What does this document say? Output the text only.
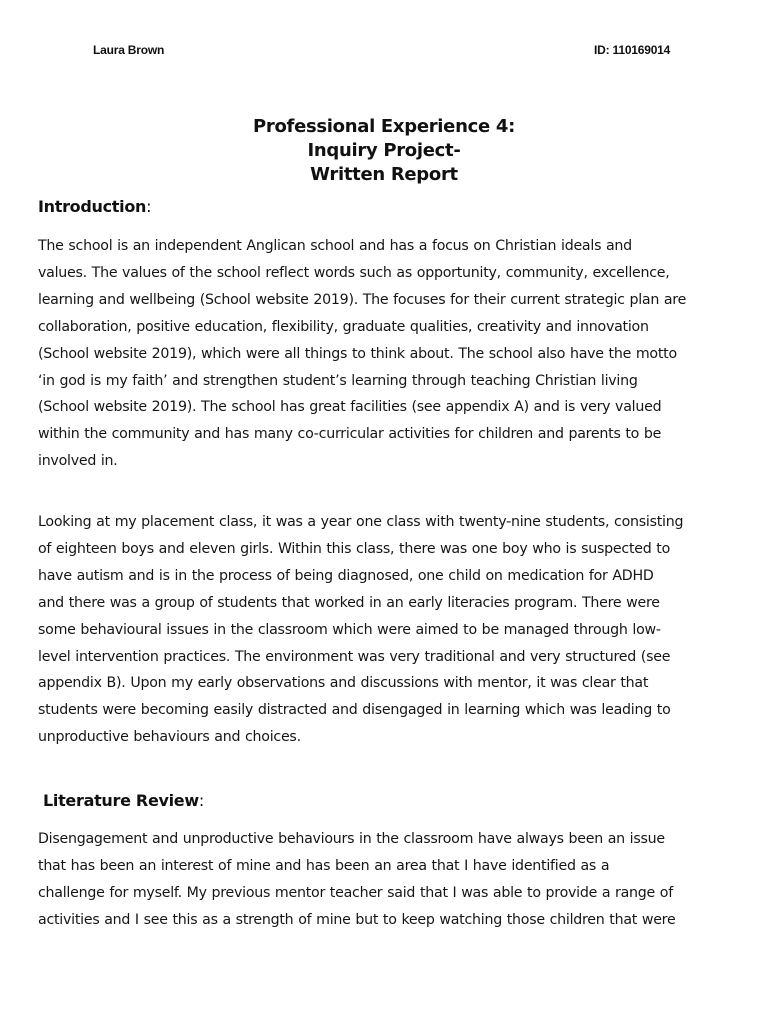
Laura Brown	ID: 110169014
Professional Experience 4:
Inquiry Project-
Written Report
Introduction:
The school is an independent Anglican school and has a focus on Christian ideals and
values. The values of the school reflect words such as opportunity, community, excellence,
learning and wellbeing (School website 2019). The focuses for their current strategic plan are
collaboration, positive education, flexibility, graduate qualities, creativity and innovation
(School website 2019), which were all things to think about. The school also have the motto
‘in god is my faith’ and strengthen student’s learning through teaching Christian living
(School website 2019). The school has great facilities (see appendix A) and is very valued
within the community and has many co-curricular activities for children and parents to be
involved in.
Looking at my placement class, it was a year one class with twenty-nine students, consisting
of eighteen boys and eleven girls. Within this class, there was one boy who is suspected to
have autism and is in the process of being diagnosed, one child on medication for ADHD
and there was a group of students that worked in an early literacies program. There were
some behavioural issues in the classroom which were aimed to be managed through low-
level intervention practices. The environment was very traditional and very structured (see
appendix B). Upon my early observations and discussions with mentor, it was clear that
students were becoming easily distracted and disengaged in learning which was leading to
unproductive behaviours and choices.
Literature Review:
Disengagement and unproductive behaviours in the classroom have always been an issue
that has been an interest of mine and has been an area that I have identified as a
challenge for myself. My previous mentor teacher said that I was able to provide a range of
activities and I see this as a strength of mine but to keep watching those children that were
